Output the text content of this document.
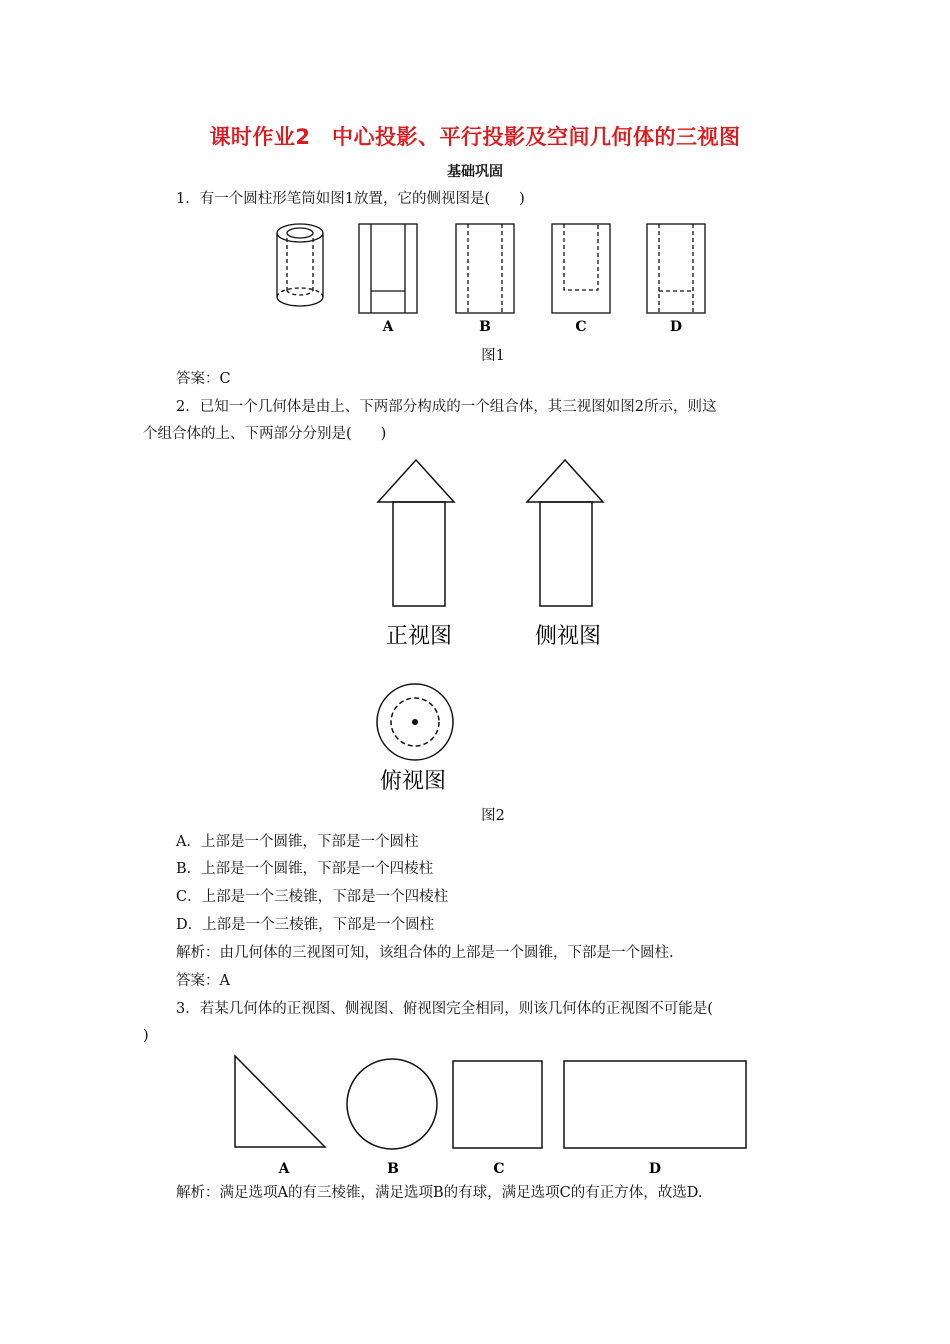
课时作业2　中心投影、平行投影及空间几何体的三视图
基础巩固
1．有一个圆柱形笔筒如图1放置，它的侧视图是(　　)
A	B	C	D
图1
答案：C
2．已知一个几何体是由上、下两部分构成的一个组合体，其三视图如图2所示，则这
个组合体的上、下两部分分别是(　　)
正视图	侧视图
俯视图
图2
A．上部是一个圆锥，下部是一个圆柱
B．上部是一个圆锥，下部是一个四棱柱
C．上部是一个三棱锥，下部是一个四棱柱
D．上部是一个三棱锥，下部是一个圆柱
解析：由几何体的三视图可知，该组合体的上部是一个圆锥，下部是一个圆柱.
答案：A
3．若某几何体的正视图、侧视图、俯视图完全相同，则该几何体的正视图不可能是(
)
A	B	C	D
解析：满足选项A的有三棱锥，满足选项B的有球，满足选项C的有正方体，故选D.
